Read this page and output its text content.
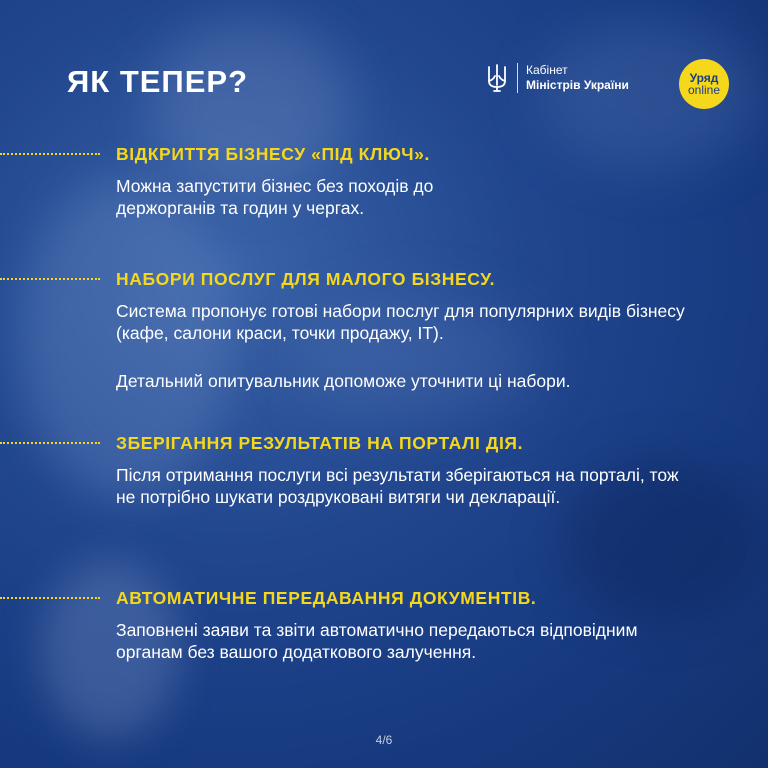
ЯК ТЕПЕР?	Кабінет
Міністрів України
Уряд
online
ВІДКРИТТЯ БІЗНЕСУ «ПІД КЛЮЧ».

Можна запустити бізнес без походів до держорганів та годин у чергах.

НАБОРИ ПОСЛУГ ДЛЯ МАЛОГО БІЗНЕСУ.

Система пропонує готові набори послуг для популярних видів бізнесу (кафе, салони краси, точки продажу, IT).

Детальний опитувальник допоможе уточнити ці набори.

ЗБЕРІГАННЯ РЕЗУЛЬТАТІВ НА ПОРТАЛІ ДІЯ.

Після отримання послуги всі результати зберігаються на порталі, тож не потрібно шукати роздруковані витяги чи декларації.

АВТОМАТИЧНЕ ПЕРЕДАВАННЯ ДОКУМЕНТІВ.

Заповнені заяви та звіти автоматично передаються відповідним органам без вашого додаткового залучення.

4/6
